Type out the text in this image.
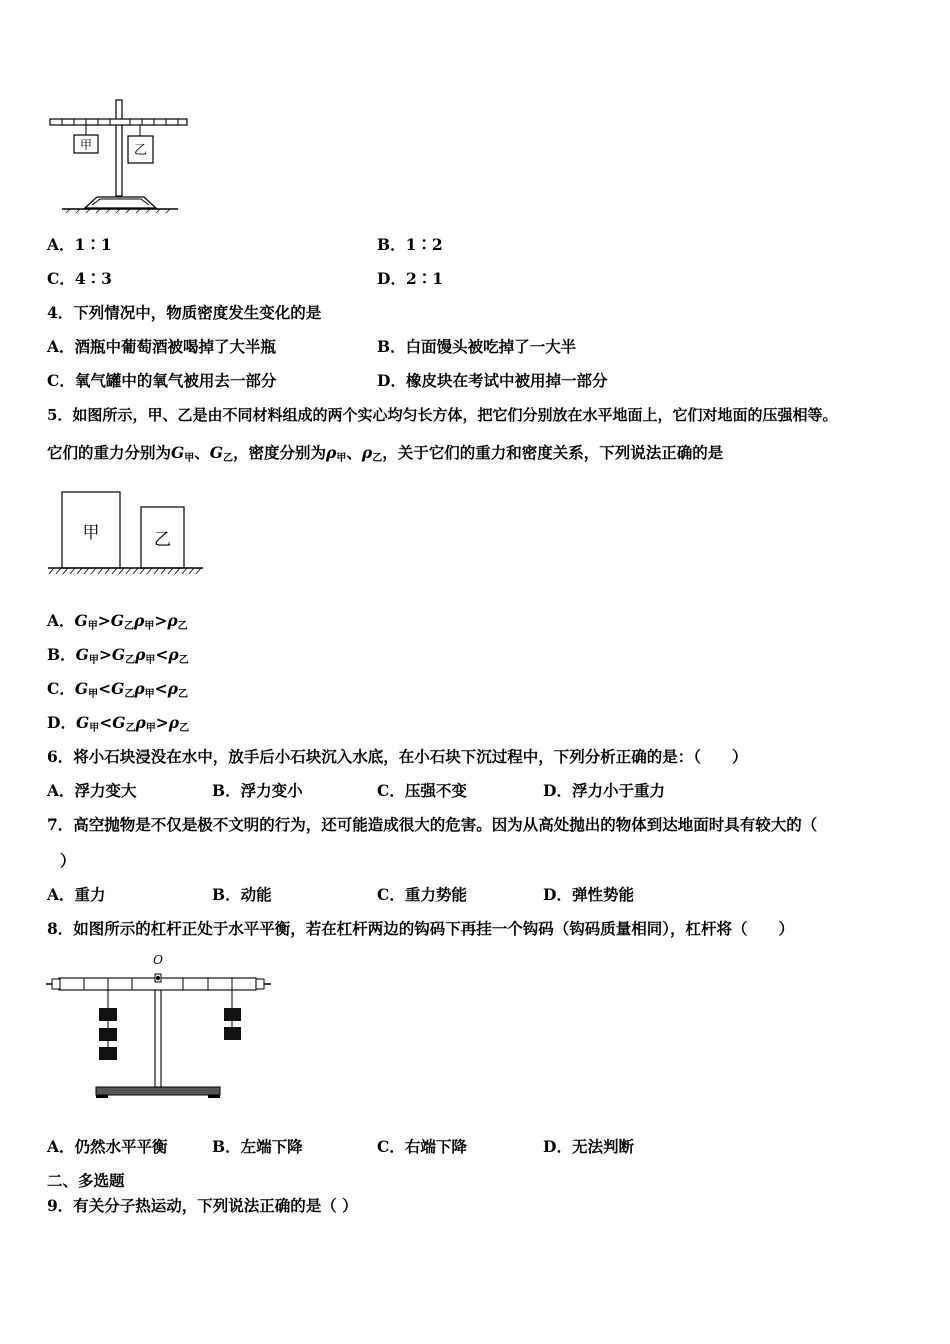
甲	乙
A．1∶1	B．1∶2
C．4∶3	D．2∶1
4．下列情况中，物质密度发生变化的是
A．酒瓶中葡萄酒被喝掉了大半瓶	B．白面馒头被吃掉了一大半
C．氧气罐中的氧气被用去一部分	D．橡皮块在考试中被用掉一部分
5．如图所示，甲、乙是由不同材料组成的两个实心均匀长方体，把它们分别放在水平地面上，它们对地面的压强相等。
它们的重力分别为$G_甲$、$G_乙$，密度分别为$\rho_甲$、$\rho_乙$，关于它们的重力和密度关系，下列说法正确的是
甲	乙
A．$G_甲>G_乙\rho_甲>\rho_乙$
B．$G_甲>G_乙\rho_甲<\rho_乙$
C．$G_甲<G_乙\rho_甲<\rho_乙$
D．$G_甲<G_乙\rho_甲>\rho_乙$
6．将小石块浸没在水中，放手后小石块沉入水底，在小石块下沉过程中，下列分析正确的是：（　　）
A．浮力变大	B．浮力变小	C．压强不变	D．浮力小于重力
7．高空抛物是不仅是极不文明的行为，还可能造成很大的危害。因为从高处抛出的物体到达地面时具有较大的（
）
A．重力	B．动能	C．重力势能	D．弹性势能
8．如图所示的杠杆正处于水平平衡，若在杠杆两边的钩码下再挂一个钩码（钩码质量相同），杠杆将（　　）
O
A．仍然水平平衡	B．左端下降	C．右端下降	D．无法判断
二、多选题
9．有关分子热运动，下列说法正确的是（ ）
